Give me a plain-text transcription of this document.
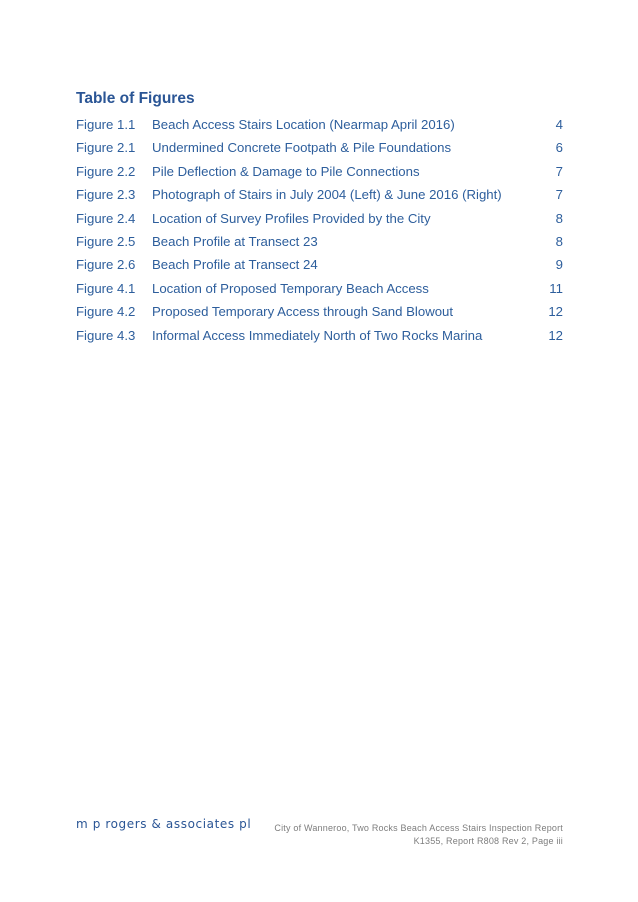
Table of Figures
Figure 1.1 Beach Access Stairs Location (Nearmap April 2016)	4
Figure 2.1 Undermined Concrete Footpath & Pile Foundations	6
Figure 2.2 Pile Deflection & Damage to Pile Connections	7
Figure 2.3 Photograph of Stairs in July 2004 (Left) & June 2016 (Right)	7
Figure 2.4 Location of Survey Profiles Provided by the City	8
Figure 2.5 Beach Profile at Transect 23	8
Figure 2.6 Beach Profile at Transect 24	9
Figure 4.1 Location of Proposed Temporary Beach Access	11
Figure 4.2 Proposed Temporary Access through Sand Blowout	12
Figure 4.3 Informal Access Immediately North of Two Rocks Marina	12
m p rogers & associates pl	City of Wanneroo, Two Rocks Beach Access Stairs Inspection Report
K1355, Report R808 Rev 2, Page iii
